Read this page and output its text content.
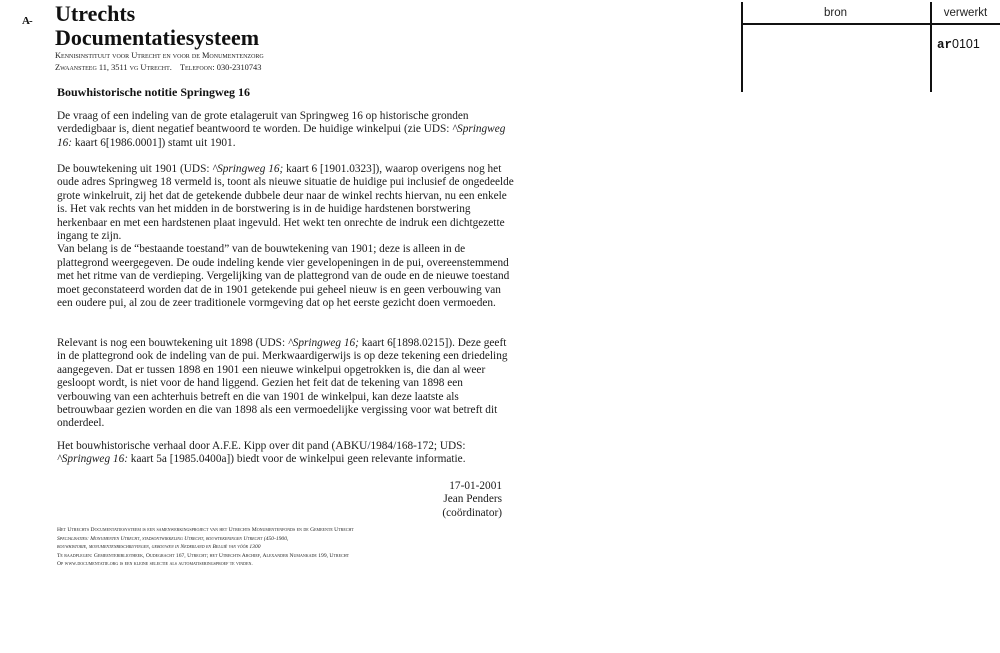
A- Utrechts
Documentatiesysteem
Kennisinstituut voor Utrecht en voor de Monumentenzorg
Zwaansteeg 11, 3511 vg Utrecht. Telefoon: 030-2310743
bron	verwerkt
ar0101
Bouwhistorische notitie Springweg 16

De vraag of een indeling van de grote etalageruit van Springweg 16 op historische gronden verdedigbaar is, dient negatief beantwoord te worden. De huidige winkelpui (zie UDS: ^Springweg 16: kaart 6[1986.0001]) stamt uit 1901.

De bouwtekening uit 1901 (UDS: ^Springweg 16; kaart 6 [1901.0323]), waarop overigens nog het oude adres Springweg 18 vermeld is, toont als nieuwe situatie de huidige pui inclusief de ongedeelde grote winkelruit, zij het dat de getekende dubbele deur naar de winkel rechts hiervan, nu een enkele is. Het vak rechts van het midden in de borstwering is in de huidige hardstenen borstwering herkenbaar en met een hardstenen plaat ingevuld. Het wekt ten onrechte de indruk een dichtgezette ingang te zijn.

Van belang is de “bestaande toestand” van de bouwtekening van 1901; deze is alleen in de plattegrond weergegeven. De oude indeling kende vier gevelopeningen in de pui, overeenstemmend met het ritme van de verdieping. Vergelijking van de plattegrond van de oude en de nieuwe toestand moet geconstateerd worden dat de in 1901 getekende pui geheel nieuw is en geen verbouwing van een oudere pui, al zou de zeer traditionele vormgeving dat op het eerste gezicht doen vermoeden.

Relevant is nog een bouwtekening uit 1898 (UDS: ^Springweg 16; kaart 6[1898.0215]). Deze geeft in de plattegrond ook de indeling van de pui. Merkwaardigerwijs is op deze tekening een driedeling aangegeven. Dat er tussen 1898 en 1901 een nieuwe winkelpui opgetrokken is, die dan al weer gesloopt wordt, is niet voor de hand liggend. Gezien het feit dat de tekening van 1898 een verbouwing van een achterhuis betreft en die van 1901 de winkelpui, kan deze laatste als betrouwbaar gezien worden en die van 1898 als een vermoedelijke vergissing voor wat betreft dit onderdeel.

Het bouwhistorische verhaal door A.F.E. Kipp over dit pand (ABKU/1984/168-172; UDS: ^Springweg 16: kaart 5a [1985.0400a]) biedt voor de winkelpui geen relevante informatie.

17-01-2001
Jean Penders
(coördinator)
Het Utrechts Documentatiesysteem is een samenwerkingsproject van het Utrechts Monumentenfonds en de Gemeente Utrecht
Specialisaties: Monumenten Utrecht, stadsontwikkeling Utrecht, bouwtekeningen Utrecht (450-1900,
bouwhistorie, monumentenbeschrijvingen, gebouwen in Nederland en België van vóór 1300
Te raadplegen: Gemeentebibliotheek, Oudegracht 167, Utrecht; het Utrechts Archief, Alexander Numankade 199, Utrecht
Op www.documentatie.org is een kleine selectie als automatiseringsproef te vinden.
